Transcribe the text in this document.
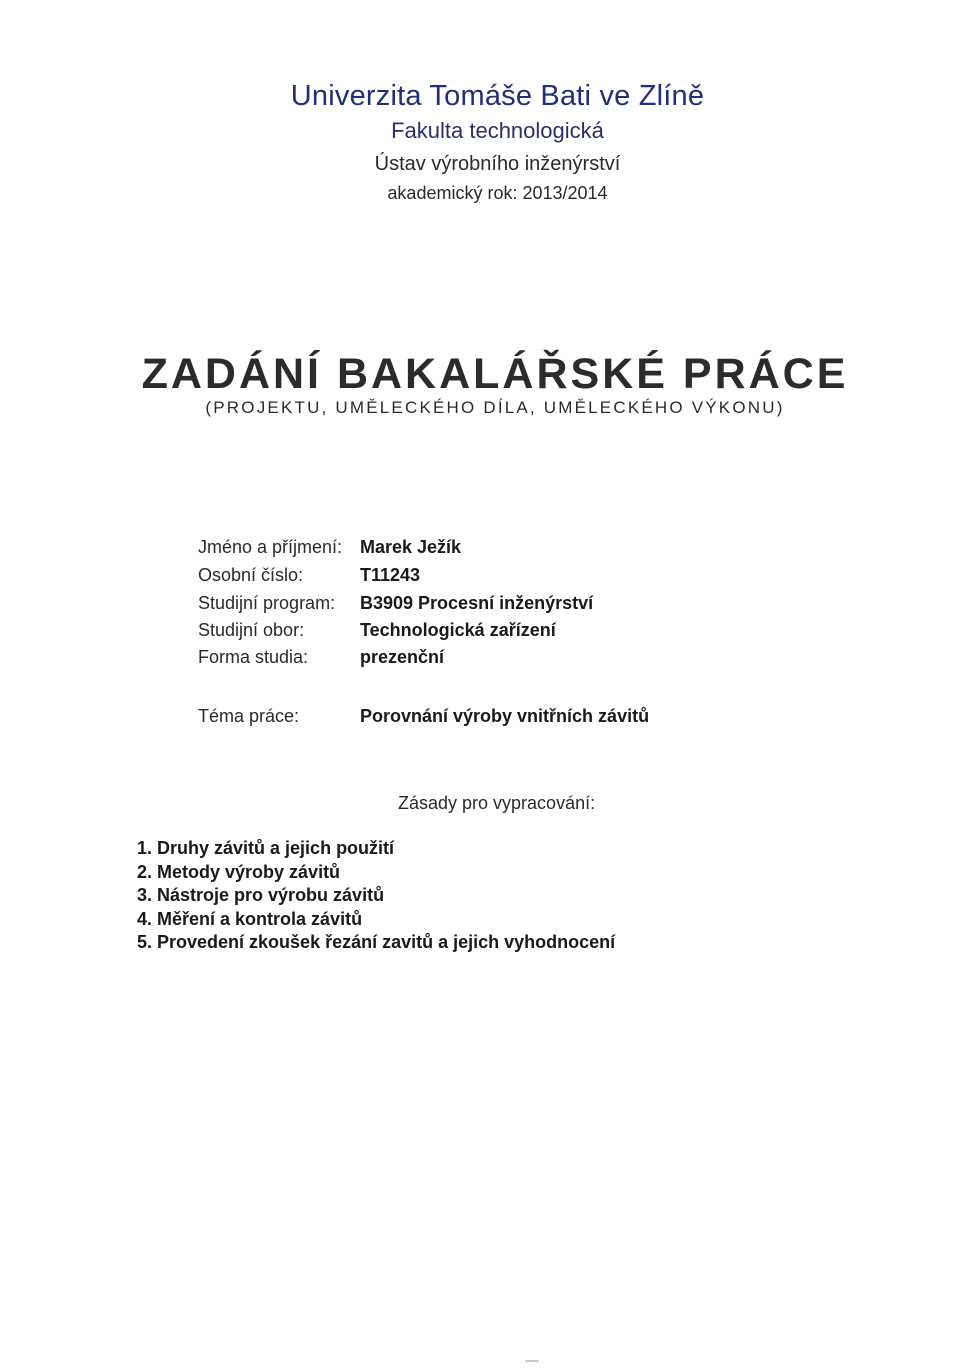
Univerzita Tomáše Bati ve Zlíně
Fakulta technologická
Ústav výrobního inženýrství
akademický rok: 2013/2014
ZADÁNÍ BAKALÁŘSKÉ PRÁCE
(PROJEKTU, UMĚLECKÉHO DÍLA, UMĚLECKÉHO VÝKONU)
Jméno a příjmení: Marek Ježík
Osobní číslo:	T11243
Studijní program: B3909 Procesní inženýrství
Studijní obor:	Technologická zařízení
Forma studia:	prezenční
Téma práce:	Porovnání výroby vnitřních závitů
Zásady pro vypracování:
1. Druhy závitů a jejich použití
2. Metody výroby závitů
3. Nástroje pro výrobu závitů
4. Měření a kontrola závitů
5. Provedení zkoušek řezání zavitů a jejich vyhodnocení
